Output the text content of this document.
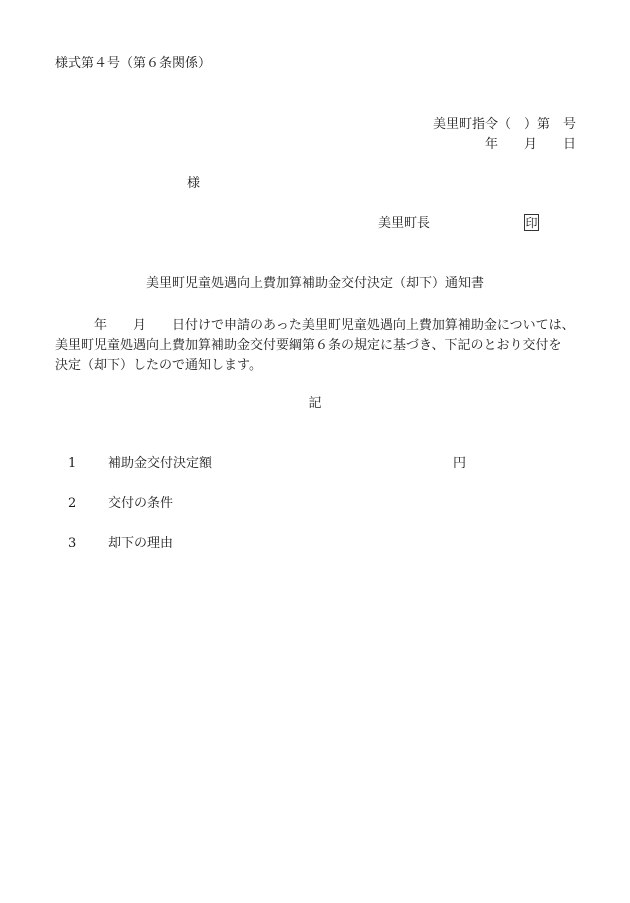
様式第４号（第６条関係）
美里町指令（　）第　号
年 月 日
様
美里町長	印
美里町児童処遇向上費加算補助金交付決定（却下）通知書
　　　年　　月　　日付けで申請のあった美里町児童処遇向上費加算補助金については、
美里町児童処遇向上費加算補助金交付要綱第６条の規定に基づき、下記のとおり交付を
決定（却下）したので通知します。
記
1 補助金交付決定額	円
2 交付の条件
3 却下の理由
